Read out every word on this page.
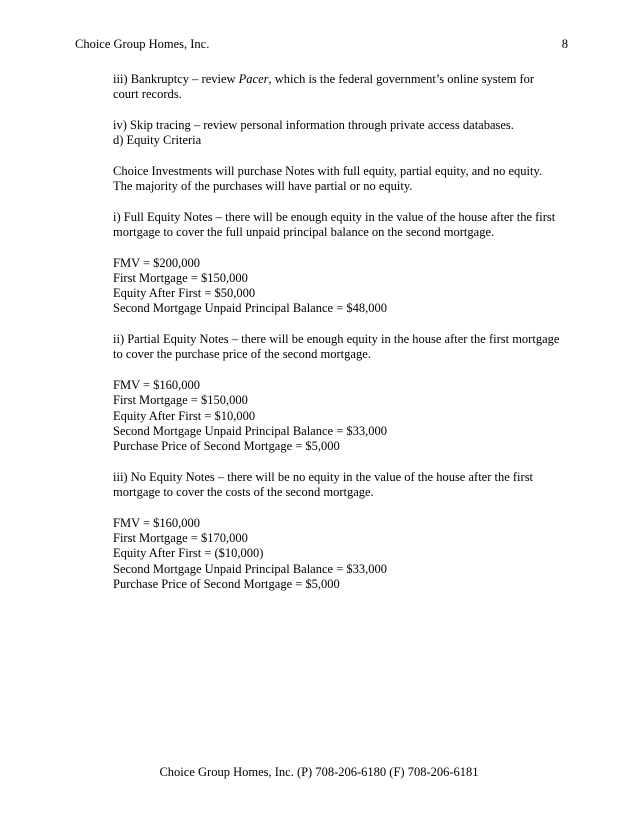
Choice Group Homes, Inc.	8

iii) Bankruptcy – review Pacer, which is the federal government’s online system for

court records.

iv) Skip tracing – review personal information through private access databases.

d) Equity Criteria

Choice Investments will purchase Notes with full equity, partial equity, and no equity.

The majority of the purchases will have partial or no equity.

i) Full Equity Notes – there will be enough equity in the value of the house after the first

mortgage to cover the full unpaid principal balance on the second mortgage.

FMV = $200,000

First Mortgage = $150,000

Equity After First = $50,000

Second Mortgage Unpaid Principal Balance = $48,000

ii) Partial Equity Notes – there will be enough equity in the house after the first mortgage

to cover the purchase price of the second mortgage.

FMV = $160,000

First Mortgage = $150,000

Equity After First = $10,000

Second Mortgage Unpaid Principal Balance = $33,000

Purchase Price of Second Mortgage = $5,000

iii) No Equity Notes – there will be no equity in the value of the house after the first

mortgage to cover the costs of the second mortgage.

FMV = $160,000

First Mortgage = $170,000

Equity After First = ($10,000)

Second Mortgage Unpaid Principal Balance = $33,000

Purchase Price of Second Mortgage = $5,000

Choice Group Homes, Inc. (P) 708-206-6180 (F) 708-206-6181
